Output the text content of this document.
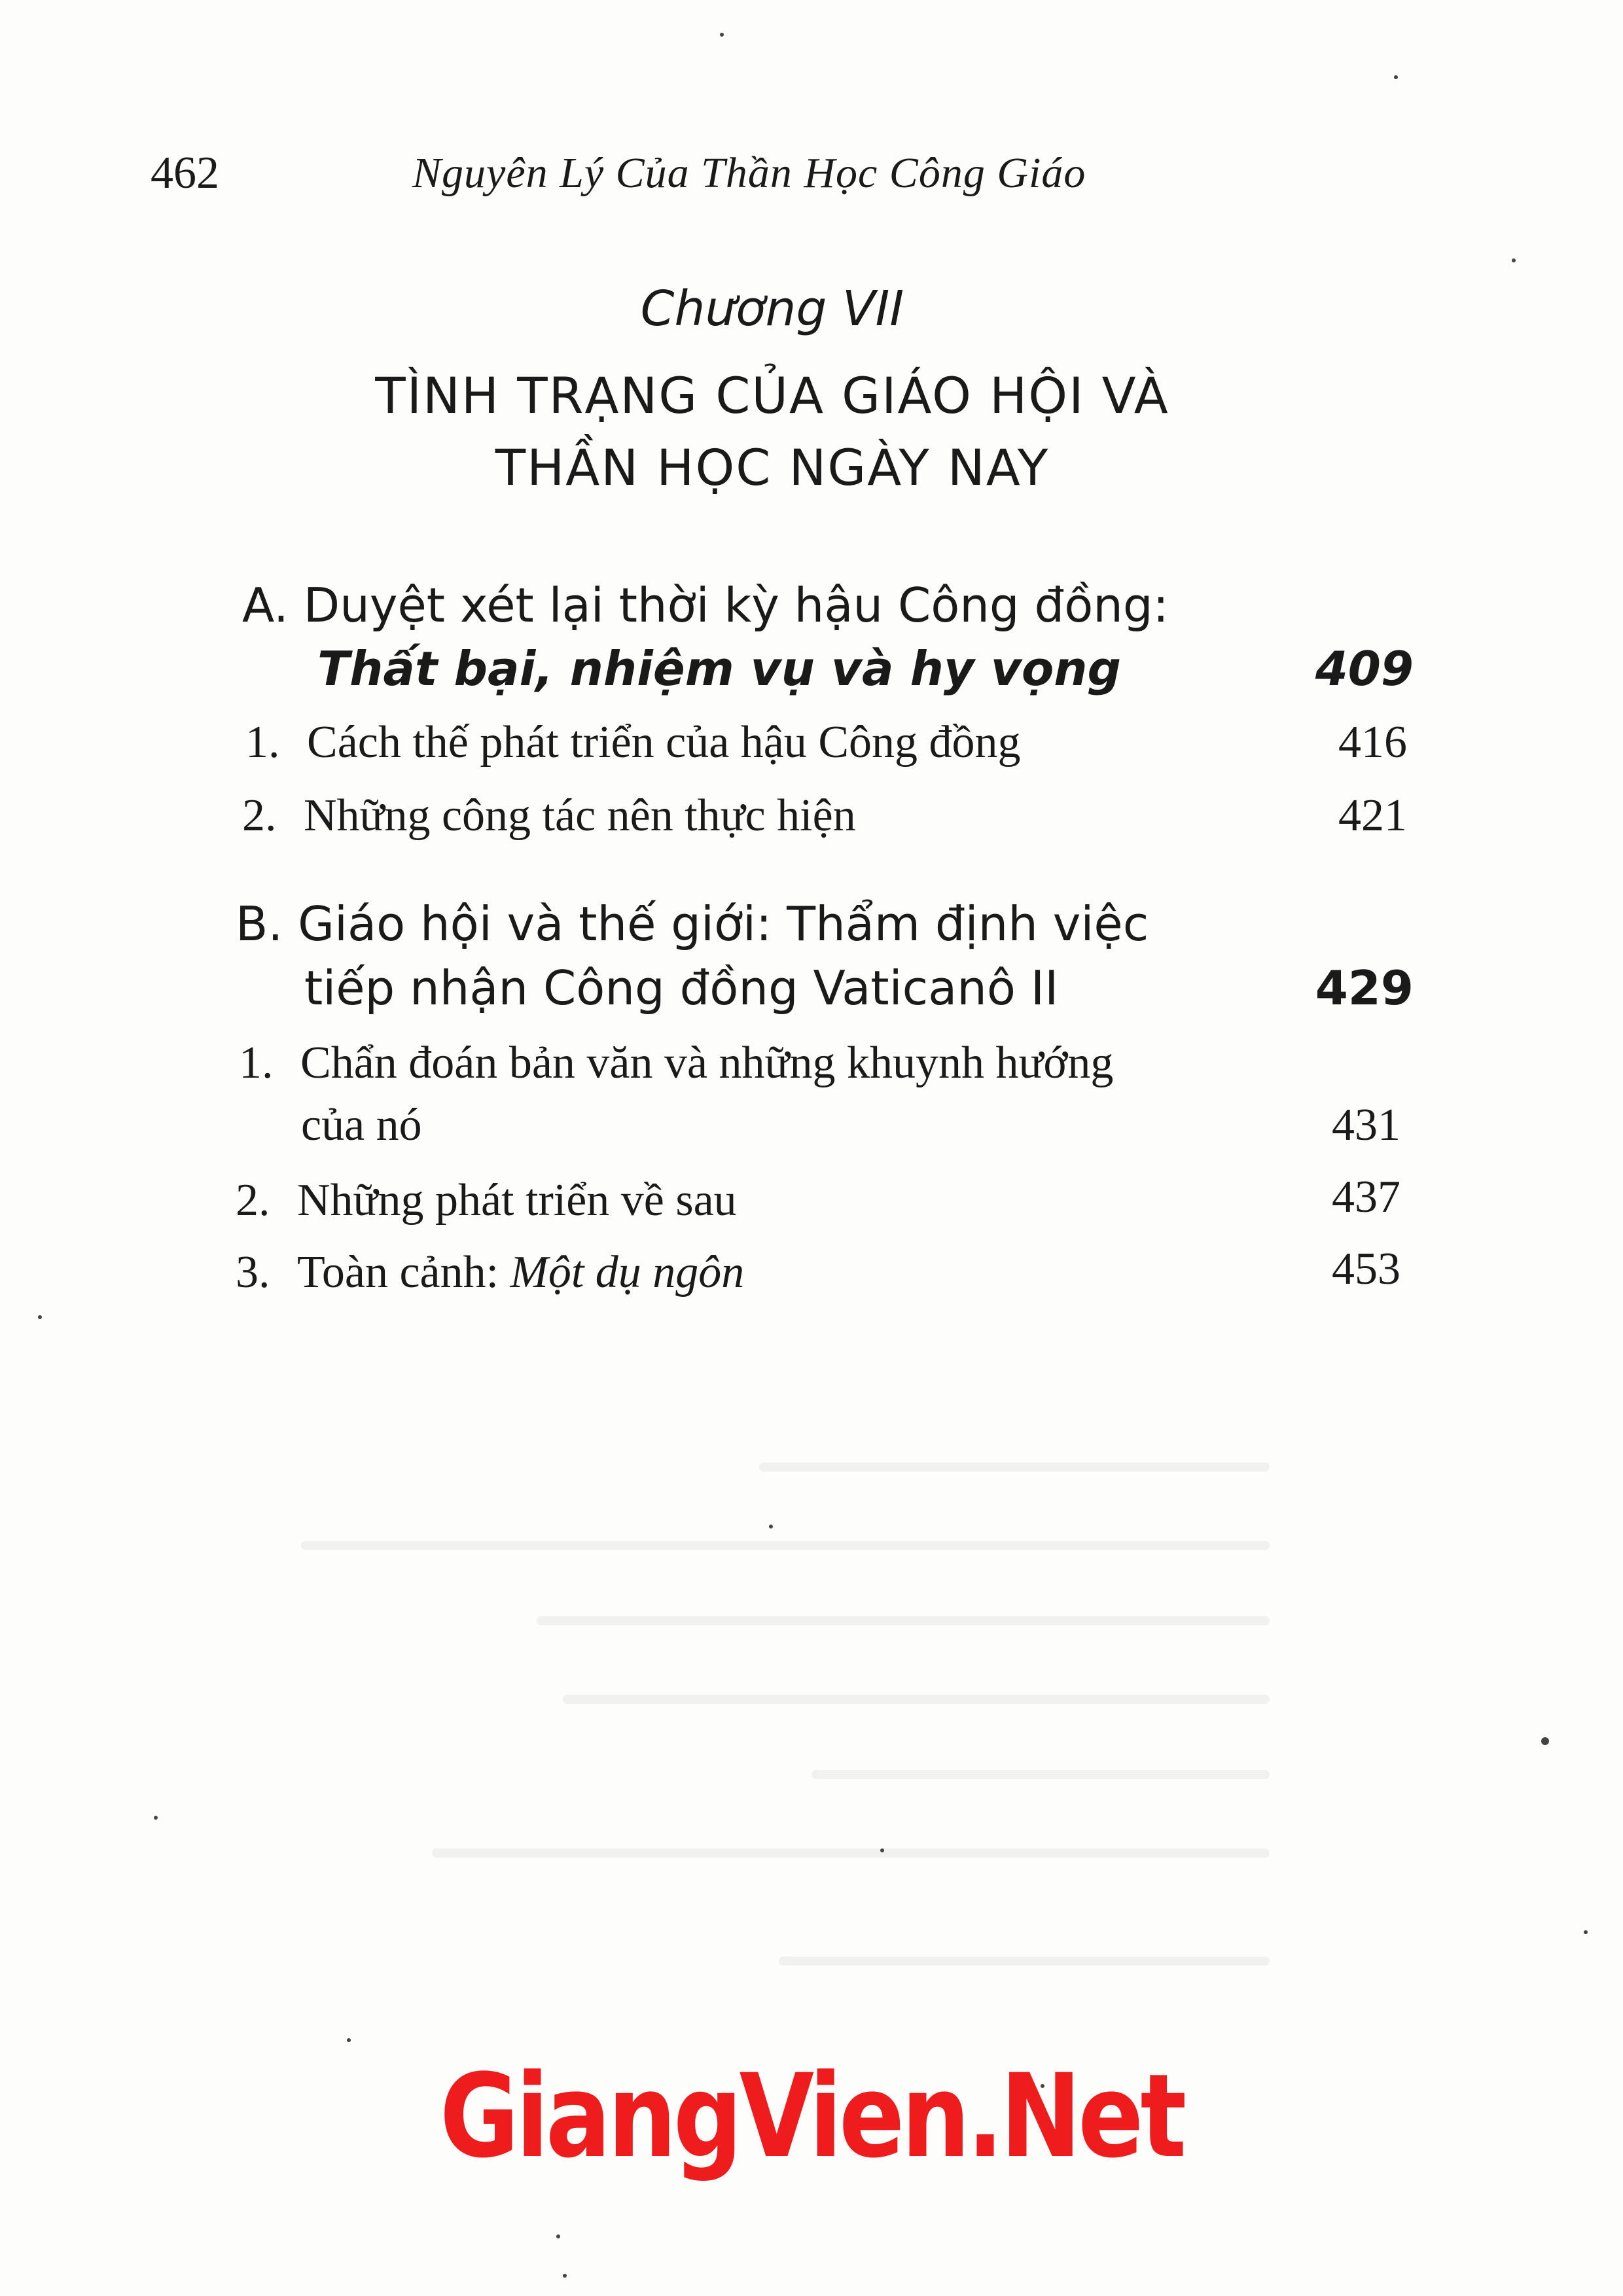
462	Nguyên Lý Của Thần Học Công Giáo
Chương VII
TÌNH TRẠNG CỦA GIÁO HỘI VÀ
THẦN HỌC NGÀY NAY
A. Duyệt xét lại thời kỳ hậu Công đồng:
Thất bại, nhiệm vụ và hy vọng	409
1. Cách thế phát triển của hậu Công đồng	416
2. Những công tác nên thực hiện	421
B. Giáo hội và thế giới: Thẩm định việc
tiếp nhận Công đồng Vaticanô II	429
1. Chẩn đoán bản văn và những khuynh hướng
của nó	431
2. Những phát triển về sau	437
3. Toàn cảnh: Một dụ ngôn	453
GiangVien.Net
